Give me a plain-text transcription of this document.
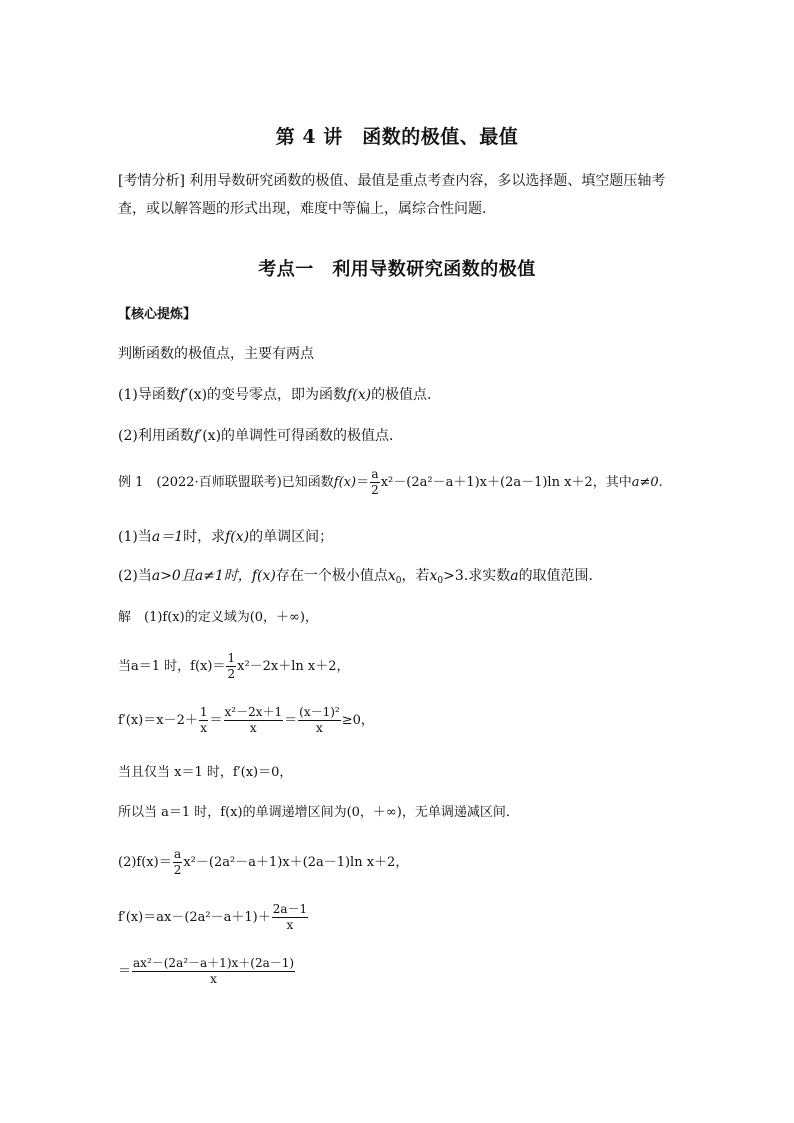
第 4 讲　函数的极值、最值
[考情分析] 利用导数研究函数的极值、最值是重点考查内容，多以选择题、填空题压轴考查，或以解答题的形式出现，难度中等偏上，属综合性问题．
考点一　利用导数研究函数的极值
【核心提炼】
判断函数的极值点，主要有两点
(1)导函数f′(x)的变号零点，即为函数f(x)的极值点．
(2)利用函数f′(x)的单调性可得函数的极值点．
例 1　(2022·百师联盟联考)已知函数$f(x)= \frac{a}{2} x^2-(2a^2-a+1)x+(2a-1)\ln$ x＋2，其中a≠0.
(1)当a＝1时，求f(x)的单调区间；
(2)当a>0且a≠1时，f(x)存在一个极小值点$x_0$，若$x_0>3$.求实数a的取值范围．
解　(1)f(x)的定义域为(0，＋∞)，
当a＝1 时，$f(x)= \frac{1}{2} x^2-2x+\ln$ x＋2，
$f'(x)=x-2+ \frac{1}{x} = \frac{\text{x²－2x＋1}}{x} = \frac{\text{(x－1)²}}{x} \ge 0$，
当且仅当 x＝1 时，f′(x)＝0，
所以当 a＝1 时，f(x)的单调递增区间为(0，＋∞)，无单调递减区间．
$(2)f(x)= \frac{a}{2} x^2-(2a^2-a+1)x+(2a-1)\ln$ x＋2，
$f'(x)=ax-(2a^2-a+1)+ \frac{2a-1}{x}$
＝ $\frac{\text{ax²－(2a²－a＋1)x＋(2a－1)}}{x}$
